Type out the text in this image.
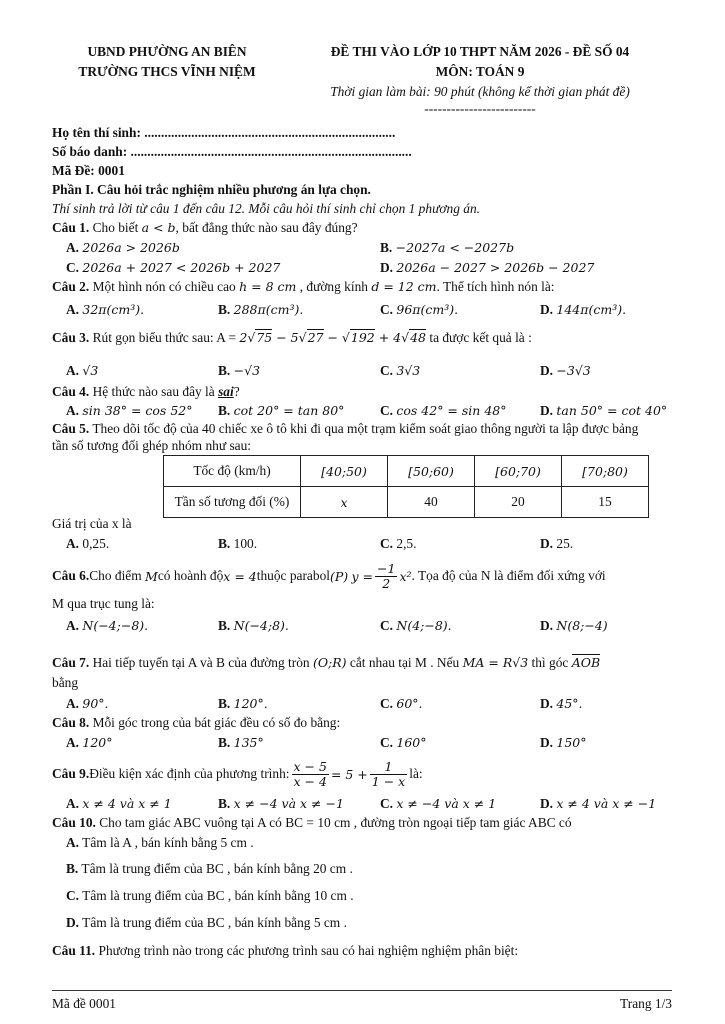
UBND PHƯỜNG AN BIÊN
TRƯỜNG THCS VĨNH NIỆM
ĐỀ THI VÀO LỚP 10 THPT NĂM 2026 - ĐỀ SỐ 04
MÔN: TOÁN 9
Thời gian làm bài: 90 phút (không kể thời gian phát đề)
-------------------------
Họ tên thí sinh: ...........................................................................
Số báo danh: ....................................................................................
Mã Đề: 0001
Phần I. Câu hỏi trắc nghiệm nhiều phương án lựa chọn.
Thí sinh trả lời từ câu 1 đến câu 12. Mỗi câu hỏi thí sinh chỉ chọn 1 phương án.
Câu 1. Cho biết a < b, bất đẳng thức nào sau đây đúng?
A. 2026a > 2026b	B. −2027a < −2027b
C. 2026a + 2027 < 2026b + 2027	D. 2026a − 2027 > 2026b − 2027
Câu 2. Một hình nón có chiều cao h = 8 cm , đường kính d = 12 cm. Thể tích hình nón là:
A. 32π(cm³).	B. 288π(cm³).	C. 96π(cm³).	D. 144π(cm³).
Câu 3. Rút gọn biểu thức sau: A = 2√75 − 5√27 − √192 + 4√48 ta được kết quả là :
A. √3	B. −√3	C. 3√3	D. −3√3
Câu 4. Hệ thức nào sau đây là sai?
A. sin 38° = cos 52° B. cot 20° = tan 80°	C. cos 42° = sin 48°	D. tan 50° = cot 40°
Câu 5. Theo dõi tốc độ của 40 chiếc xe ô tô khi đi qua một trạm kiểm soát giao thông người ta lập được bảng
tần số tương đối ghép nhóm như sau:
Tốc độ (km/h)	[40;50)	[50;60)	[60;70)	[70;80)
Tần số tương đối (%)	x	40	20	15
Giá trị của x là
A. 0,25.	B. 100.	C. 2,5.	D. 25.
Câu 6. Cho điểm
M có hoành độ x = 4 thuộc parabol (P)
$y = \frac{-1}{2} x^2$ . Tọa độ của N là điểm đối xứng với
M qua trục tung là:
A. N(−4;−8).	B. N(−4;8).	C. N(4;−8).	D. N(8;−4)
Câu 7. Hai tiếp tuyến tại A và B của đường tròn (O;R) cắt nhau tại M . Nếu MA = R√3 thì góc AOB
bằng
A. 90°.	B. 120°.	C. 60°.	D. 45°.
Câu 8. Mỗi góc trong của bát giác đều có số đo bằng:
A. 120°	B. 135°	C. 160°	D. 150°
Câu 9. Điều kiện xác định của phương trình: $\frac{x - 5}{x - 4} = 5 + \frac{1}{1 - x}$ là:
A. x ≠ 4 và x ≠ 1	B. x ≠ −4 và x ≠ −1	C. x ≠ −4 và x ≠ 1	D. x ≠ 4 và x ≠ −1
Câu 10. Cho tam giác ABC vuông tại A có BC = 10 cm , đường tròn ngoại tiếp tam giác ABC có
A. Tâm là A , bán kính bằng 5 cm .
B. Tâm là trung điểm của BC , bán kính bằng 20 cm .
C. Tâm là trung điểm của BC , bán kính bằng 10 cm .
D. Tâm là trung điểm của BC , bán kính bằng 5 cm .
Câu 11. Phương trình nào trong các phương trình sau có hai nghiệm nghiệm phân biệt:
Mã đề 0001	Trang 1/3
